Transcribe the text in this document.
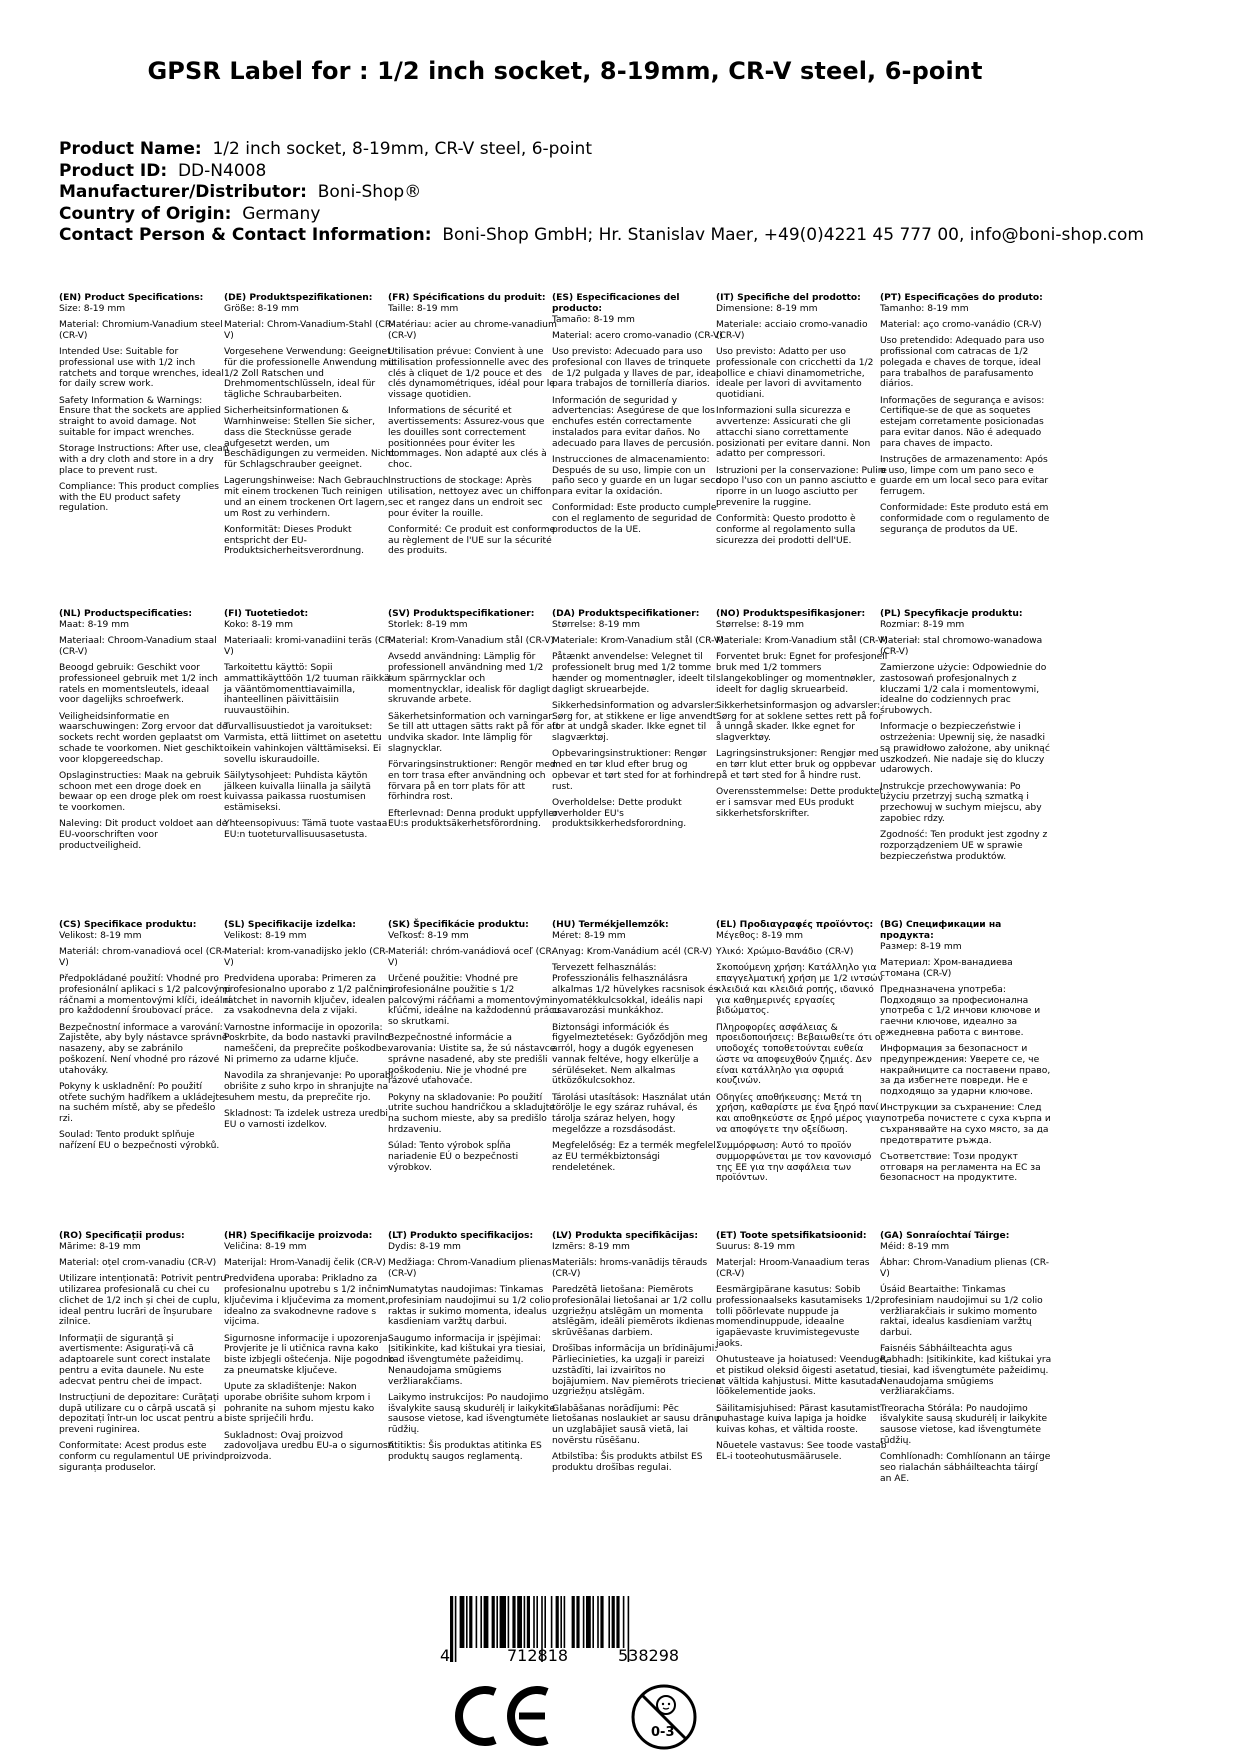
GPSR Label for : 1/2 inch socket, 8-19mm, CR-V steel, 6-point
Product Name: 1/2 inch socket, 8-19mm, CR-V steel, 6-point
Product ID: DD-N4008
Manufacturer/Distributor: Boni-Shop®
Country of Origin: Germany
Contact Person & Contact Information: Boni-Shop GmbH; Hr. Stanislav Maer, +49(0)4221 45 777 00, info@boni-shop.com
(EN) Product Specifications:
Size: 8-19 mm
Material: Chromium-Vanadium steel (CR-V)
Intended Use: Suitable for professional use with 1/2 inch ratchets and torque wrenches, ideal for daily screw work.
Safety Information & Warnings: Ensure that the sockets are applied straight to avoid damage. Not suitable for impact wrenches.
Storage Instructions: After use, clean with a dry cloth and store in a dry place to prevent rust.
Compliance: This product complies with the EU product safety regulation.
(DE) Produktspezifikationen:
Größe: 8-19 mm
Material: Chrom-Vanadium-Stahl (CR-V)
Vorgesehene Verwendung: Geeignet für die professionelle Anwendung mit 1/2 Zoll Ratschen und Drehmomentschlüsseln, ideal für tägliche Schraubarbeiten.
Sicherheitsinformationen & Warnhinweise: Stellen Sie sicher, dass die Stecknüsse gerade aufgesetzt werden, um Beschädigungen zu vermeiden. Nicht für Schlagschrauber geeignet.
Lagerungshinweise: Nach Gebrauch mit einem trockenen Tuch reinigen und an einem trockenen Ort lagern, um Rost zu verhindern.
Konformität: Dieses Produkt entspricht der EU-Produktsicherheitsverordnung.
(FR) Spécifications du produit:
Taille: 8-19 mm
Matériau: acier au chrome-vanadium (CR-V)
Utilisation prévue: Convient à une utilisation professionnelle avec des clés à cliquet de 1/2 pouce et des clés dynamométriques, idéal pour le vissage quotidien.
Informations de sécurité et avertissements: Assurez-vous que les douilles sont correctement positionnées pour éviter les dommages. Non adapté aux clés à choc.
Instructions de stockage: Après utilisation, nettoyez avec un chiffon sec et rangez dans un endroit sec pour éviter la rouille.
Conformité: Ce produit est conforme au règlement de l'UE sur la sécurité des produits.
(ES) Especificaciones del producto:
Tamaño: 8-19 mm
Material: acero cromo-vanadio (CR-V)
Uso previsto: Adecuado para uso profesional con llaves de trinquete de 1/2 pulgada y llaves de par, ideal para trabajos de tornillería diarios.
Información de seguridad y advertencias: Asegúrese de que los enchufes estén correctamente instalados para evitar daños. No adecuado para llaves de percusión.
Instrucciones de almacenamiento: Después de su uso, limpie con un paño seco y guarde en un lugar seco para evitar la oxidación.
Conformidad: Este producto cumple con el reglamento de seguridad de productos de la UE.
(IT) Specifiche del prodotto:
Dimensione: 8-19 mm
Materiale: acciaio cromo-vanadio (CR-V)
Uso previsto: Adatto per uso professionale con cricchetti da 1/2 pollice e chiavi dinamometriche, ideale per lavori di avvitamento quotidiani.
Informazioni sulla sicurezza e avvertenze: Assicurati che gli attacchi siano correttamente posizionati per evitare danni. Non adatto per compressori.
Istruzioni per la conservazione: Pulire dopo l'uso con un panno asciutto e riporre in un luogo asciutto per prevenire la ruggine.
Conformità: Questo prodotto è conforme al regolamento sulla sicurezza dei prodotti dell'UE.
(PT) Especificações do produto:
Tamanho: 8-19 mm
Material: aço cromo-vanádio (CR-V)
Uso pretendido: Adequado para uso profissional com catracas de 1/2 polegada e chaves de torque, ideal para trabalhos de parafusamento diários.
Informações de segurança e avisos: Certifique-se de que as soquetes estejam corretamente posicionadas para evitar danos. Não é adequado para chaves de impacto.
Instruções de armazenamento: Após o uso, limpe com um pano seco e guarde em um local seco para evitar ferrugem.
Conformidade: Este produto está em conformidade com o regulamento de segurança de produtos da UE.
(NL) Productspecificaties:
Maat: 8-19 mm
Materiaal: Chroom-Vanadium staal (CR-V)
Beoogd gebruik: Geschikt voor professioneel gebruik met 1/2 inch ratels en momentsleutels, ideaal voor dagelijks schroefwerk.
Veiligheidsinformatie en waarschuwingen: Zorg ervoor dat de sockets recht worden geplaatst om schade te voorkomen. Niet geschikt voor klopgereedschap.
Opslaginstructies: Maak na gebruik schoon met een droge doek en bewaar op een droge plek om roest te voorkomen.
Naleving: Dit product voldoet aan de EU-voorschriften voor productveiligheid.
(FI) Tuotetiedot:
Koko: 8-19 mm
Materiaali: kromi-vanadiini teräs (CR-V)
Tarkoitettu käyttö: Sopii ammattikäyttöön 1/2 tuuman räikkä- ja vääntömomenttiavaimilla, ihanteellinen päivittäisiin ruuvaustöihin.
Turvallisuustiedot ja varoitukset: Varmista, että liittimet on asetettu oikein vahinkojen välttämiseksi. Ei sovellu iskuraudoille.
Säilytysohjeet: Puhdista käytön jälkeen kuivalla liinalla ja säilytä kuivassa paikassa ruostumisen estämiseksi.
Yhteensopivuus: Tämä tuote vastaa EU:n tuoteturvallisuusasetusta.
(SV) Produktspecifikationer:
Storlek: 8-19 mm
Material: Krom-Vanadium stål (CR-V)
Avsedd användning: Lämplig för professionell användning med 1/2 tum spärrnycklar och momentnycklar, idealisk för dagligt skruvande arbete.
Säkerhetsinformation och varningar: Se till att uttagen sätts rakt på för att undvika skador. Inte lämplig för slagnycklar.
Förvaringsinstruktioner: Rengör med en torr trasa efter användning och förvara på en torr plats för att förhindra rost.
Efterlevnad: Denna produkt uppfyller EU:s produktsäkerhetsförordning.
(DA) Produktspecifikationer:
Størrelse: 8-19 mm
Materiale: Krom-Vanadium stål (CR-V)
Påtænkt anvendelse: Velegnet til professionelt brug med 1/2 tomme hænder og momentnøgler, ideelt til dagligt skruearbejde.
Sikkerhedsinformation og advarsler: Sørg for, at stikkene er lige anvendt for at undgå skader. Ikke egnet til slagværktøj.
Opbevaringsinstruktioner: Rengør med en tør klud efter brug og opbevar et tørt sted for at forhindre rust.
Overholdelse: Dette produkt overholder EU's produktsikkerhedsforordning.
(NO) Produktspesifikasjoner:
Størrelse: 8-19 mm
Materiale: Krom-Vanadium stål (CR-V)
Forventet bruk: Egnet for profesjonell bruk med 1/2 tommers slangekoblinger og momentnøkler, ideelt for daglig skruearbeid.
Sikkerhetsinformasjon og advarsler: Sørg for at soklene settes rett på for å unngå skader. Ikke egnet for slagverktøy.
Lagringsinstruksjoner: Rengjør med en tørr klut etter bruk og oppbevar på et tørt sted for å hindre rust.
Overensstemmelse: Dette produktet er i samsvar med EUs produkt sikkerhetsforskrifter.
(PL) Specyfikacje produktu:
Rozmiar: 8-19 mm
Materiał: stal chromowo-wanadowa (CR-V)
Zamierzone użycie: Odpowiednie do zastosowań profesjonalnych z kluczami 1/2 cala i momentowymi, idealne do codziennych prac śrubowych.
Informacje o bezpieczeństwie i ostrzeżenia: Upewnij się, że nasadki są prawidłowo założone, aby uniknąć uszkodzeń. Nie nadaje się do kluczy udarowych.
Instrukcje przechowywania: Po użyciu przetrzyj suchą szmatką i przechowuj w suchym miejscu, aby zapobiec rdzy.
Zgodność: Ten produkt jest zgodny z rozporządzeniem UE w sprawie bezpieczeństwa produktów.
(CS) Specifikace produktu:
Velikost: 8-19 mm
Materiál: chrom-vanadiová ocel (CR-V)
Předpokládané použití: Vhodné pro profesionální aplikaci s 1/2 palcovými ráčnami a momentovými klíči, ideální pro každodenní šroubovací práce.
Bezpečnostní informace a varování: Zajistěte, aby byly nástavce správně nasazeny, aby se zabránilo poškození. Není vhodné pro rázové utahováky.
Pokyny k uskladnění: Po použití otřete suchým hadříkem a ukládejte na suchém místě, aby se předešlo rzi.
Soulad: Tento produkt splňuje nařízení EU o bezpečnosti výrobků.
(SL) Specifikacije izdelka:
Velikost: 8-19 mm
Material: krom-vanadijsko jeklo (CR-V)
Predvidena uporaba: Primeren za profesionalno uporabo z 1/2 palčnimi ratchet in navornih ključev, idealen za vsakodnevna dela z vijaki.
Varnostne informacije in opozorila: Poskrbite, da bodo nastavki pravilno nameščeni, da preprečite poškodbe. Ni primerno za udarne ključe.
Navodila za shranjevanje: Po uporabi obrišite z suho krpo in shranjujte na suhem mestu, da preprečite rjo.
Skladnost: Ta izdelek ustreza uredbi EU o varnosti izdelkov.
(SK) Špecifikácie produktu:
Veľkosť: 8-19 mm
Materiál: chróm-vanádiová oceľ (CR-V)
Určené použitie: Vhodné pre profesionálne použitie s 1/2 palcovými ráčňami a momentovými kľúčmi, ideálne na každodennú prácu so skrutkami.
Bezpečnostné informácie a varovania: Uistite sa, že sú nástavce správne nasadené, aby ste predišli poškodeniu. Nie je vhodné pre rázové uťahovače.
Pokyny na skladovanie: Po použití utrite suchou handričkou a skladujte na suchom mieste, aby sa predišlo hrdzaveniu.
Súlad: Tento výrobok spĺňa nariadenie EÚ o bezpečnosti výrobkov.
(HU) Termékjellemzők:
Méret: 8-19 mm
Anyag: Krom-Vanádium acél (CR-V)
Tervezett felhasználás: Professzionális felhasználásra alkalmas 1/2 hüvelykes racsnisok és nyomatékkulcsokkal, ideális napi csavarozási munkákhoz.
Biztonsági információk és figyelmeztetések: Győződjön meg arról, hogy a dugók egyenesen vannak feltéve, hogy elkerülje a sérüléseket. Nem alkalmas ütközőkulcsokhoz.
Tárolási utasítások: Használat után törölje le egy száraz ruhával, és tárolja száraz helyen, hogy megelőzze a rozsdásodást.
Megfelelőség: Ez a termék megfelel az EU termékbiztonsági rendeletének.
(EL) Προδιαγραφές προϊόντος:
Μέγεθος: 8-19 mm
Υλικό: Χρώμιο-Βανάδιο (CR-V)
Σκοπούμενη χρήση: Κατάλληλο για επαγγελματική χρήση με 1/2 ιντσών κλειδιά και κλειδιά ροπής, ιδανικό για καθημερινές εργασίες βιδώματος.
Πληροφορίες ασφάλειας & προειδοποιήσεις: Βεβαιωθείτε ότι οι υποδοχές τοποθετούνται ευθεία ώστε να αποφευχθούν ζημιές. Δεν είναι κατάλληλο για σφυριά κουζινών.
Οδηγίες αποθήκευσης: Μετά τη χρήση, καθαρίστε με ένα ξηρό πανί και αποθηκεύστε σε ξηρό μέρος για να αποφύγετε την οξείδωση.
Συμμόρφωση: Αυτό το προϊόν συμμορφώνεται με τον κανονισμό της ΕΕ για την ασφάλεια των προϊόντων.
(BG) Спецификации на продукта:
Размер: 8-19 mm
Материал: Хром-ванадиева стомана (CR-V)
Предназначена употреба: Подходящо за професионална употреба с 1/2 инчови ключове и гаечни ключове, идеално за ежедневна работа с винтове.
Информация за безопасност и предупреждения: Уверете се, че накрайниците са поставени право, за да избегнете повреди. Не е подходящо за ударни ключове.
Инструкции за съхранение: След употреба почистете с суха кърпа и съхранявайте на сухо място, за да предотвратите ръжда.
Съответствие: Този продукт отговаря на регламента на ЕС за безопасност на продуктите.
(RO) Specificații produs:
Mărime: 8-19 mm
Material: oțel crom-vanadiu (CR-V)
Utilizare intenționată: Potrivit pentru utilizarea profesională cu chei cu clichet de 1/2 inch și chei de cuplu, ideal pentru lucrări de înșurubare zilnice.
Informații de siguranță și avertismente: Asigurați-vă că adaptoarele sunt corect instalate pentru a evita daunele. Nu este adecvat pentru chei de impact.
Instrucțiuni de depozitare: Curățați după utilizare cu o cârpă uscată și depozitați într-un loc uscat pentru a preveni ruginirea.
Conformitate: Acest produs este conform cu regulamentul UE privind siguranța produselor.
(HR) Specifikacije proizvoda:
Veličina: 8-19 mm
Materijal: Hrom-Vanadij čelik (CR-V)
Predviđena uporaba: Prikladno za profesionalnu upotrebu s 1/2 inčnim ključevima i ključevima za moment, idealno za svakodnevne radove s vijcima.
Sigurnosne informacije i upozorenja: Provjerite je li utičnica ravna kako biste izbjegli oštećenja. Nije pogodno za pneumatske ključeve.
Upute za skladištenje: Nakon uporabe obrišite suhom krpom i pohranite na suhom mjestu kako biste spriječili hrđu.
Sukladnost: Ovaj proizvod zadovoljava uredbu EU-a o sigurnosti proizvoda.
(LT) Produkto specifikacijos:
Dydis: 8-19 mm
Medžiaga: Chrom-Vanadium plienas (CR-V)
Numatytas naudojimas: Tinkamas profesiniam naudojimui su 1/2 colio raktas ir sukimo momenta, idealus kasdieniam varžtų darbui.
Saugumo informacija ir įspėjimai: Įsitikinkite, kad kištukai yra tiesiai, kad išvengtumėte pažeidimų. Nenaudojama smūgiems veržliarakčiams.
Laikymo instrukcijos: Po naudojimo išvalykite sausą skudurėlį ir laikykite sausose vietose, kad išvengtumėte rūdžių.
Atitiktis: Šis produktas atitinka ES produktų saugos reglamentą.
(LV) Produkta specifikācijas:
Izmērs: 8-19 mm
Materiāls: hroms-vanādijs tērauds (CR-V)
Paredzētā lietošana: Piemērots profesionālai lietošanai ar 1/2 collu uzgriežņu atslēgām un momenta atslēgām, ideāli piemērots ikdienas skrūvēšanas darbiem.
Drošības informācija un brīdinājumi: Pārliecinieties, ka uzgaļi ir pareizi uzstādīti, lai izvairītos no bojājumiem. Nav piemērots triecienа uzgriežņu atslēgām.
Glabāšanas norādījumi: Pēc lietošanas noslaukiet ar sausu drānu un uzglabājiet sausā vietā, lai novērstu rūsēšanu.
Atbilstība: Šis produkts atbilst ES produktu drošības regulai.
(ET) Toote spetsifikatsioonid:
Suurus: 8-19 mm
Materjal: Hroom-Vanaadium teras (CR-V)
Eesmärgipärane kasutus: Sobib professionaalseks kasutamiseks 1/2 tolli põõrlevate nuppude ja momendinuppude, ideaalne igapäevaste kruvimistegevuste jaoks.
Ohutusteave ja hoiatused: Veenduge, et pistikud oleksid õigesti asetatud, et vältida kahjustusi. Mitte kasutada löökelementide jaoks.
Säilitamisjuhised: Pärast kasutamist puhastage kuiva lapiga ja hoidke kuivas kohas, et vältida rooste.
Nõuetele vastavus: See toode vastab EL-i tooteohutusmäärusele.
(GA) Sonraíochtaí Táirge:
Méid: 8-19 mm
Ábhar: Chrom-Vanadium plienas (CR-V)
Úsáid Beartaithe: Tinkamas profesiniam naudojimui su 1/2 colio veržliarakčiais ir sukimo momento raktai, idealus kasdieniam varžtų darbui.
Faisnéis Sábháilteachta agus Rabhadh: Įsitikinkite, kad kištukai yra tiesiai, kad išvengtumėte pažeidimų. Nenaudojama smūgiems veržliarakčiams.
Treoracha Stórála: Po naudojimo išvalykite sausą skudurėlį ir laikykite sausose vietose, kad išvengtumėte rūdžių.
Comhlíonadh: Comhlíonann an táirge seo rialachán sábháilteachta táirgí an AE.
4	712818	538298
0-3
